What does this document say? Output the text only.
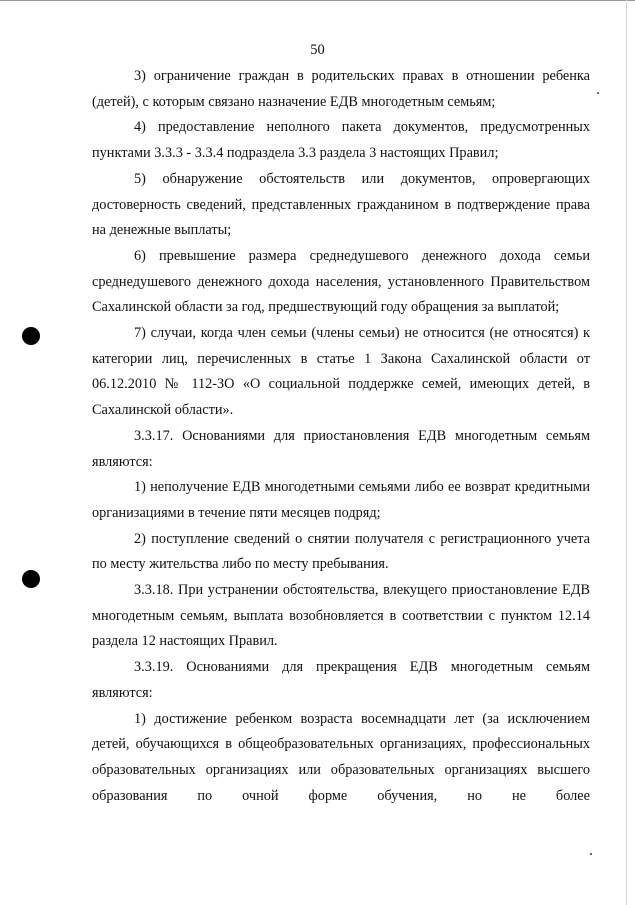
50

3) ограничение граждан в родительских правах в отношении ребенка (детей), с которым связано назначение ЕДВ многодетным семьям;

4) предоставление неполного пакета документов, предусмотренных пунктами 3.3.3 - 3.3.4 подраздела 3.3 раздела 3 настоящих Правил;

5) обнаружение обстоятельств или документов, опровергающих достоверность сведений, представленных гражданином в подтверждение права на денежные выплаты;

6) превышение размера среднедушевого денежного дохода семьи среднедушевого денежного дохода населения, установленного Правительством Сахалинской области за год, предшествующий году обращения за выплатой;

7) случаи, когда член семьи (члены семьи) не относится (не относятся) к категории лиц, перечисленных в статье 1 Закона Сахалинской области от 06.12.2010 № 112-ЗО «О социальной поддержке семей, имеющих детей, в Сахалинской области».

3.3.17. Основаниями для приостановления ЕДВ многодетным семьям являются:

1) неполучение ЕДВ многодетными семьями либо ее возврат кредитными организациями в течение пяти месяцев подряд;

2) поступление сведений о снятии получателя с регистрационного учета по месту жительства либо по месту пребывания.

3.3.18. При устранении обстоятельства, влекущего приостановление ЕДВ многодетным семьям, выплата возобновляется в соответствии с пунктом 12.14 раздела 12 настоящих Правил.

3.3.19. Основаниями для прекращения ЕДВ многодетным семьям являются:

1) достижение ребенком возраста восемнадцати лет (за исключением детей, обучающихся в общеобразовательных организациях, профессиональных образовательных организациях или образовательных организациях высшего образования по очной форме обучения, но не более
